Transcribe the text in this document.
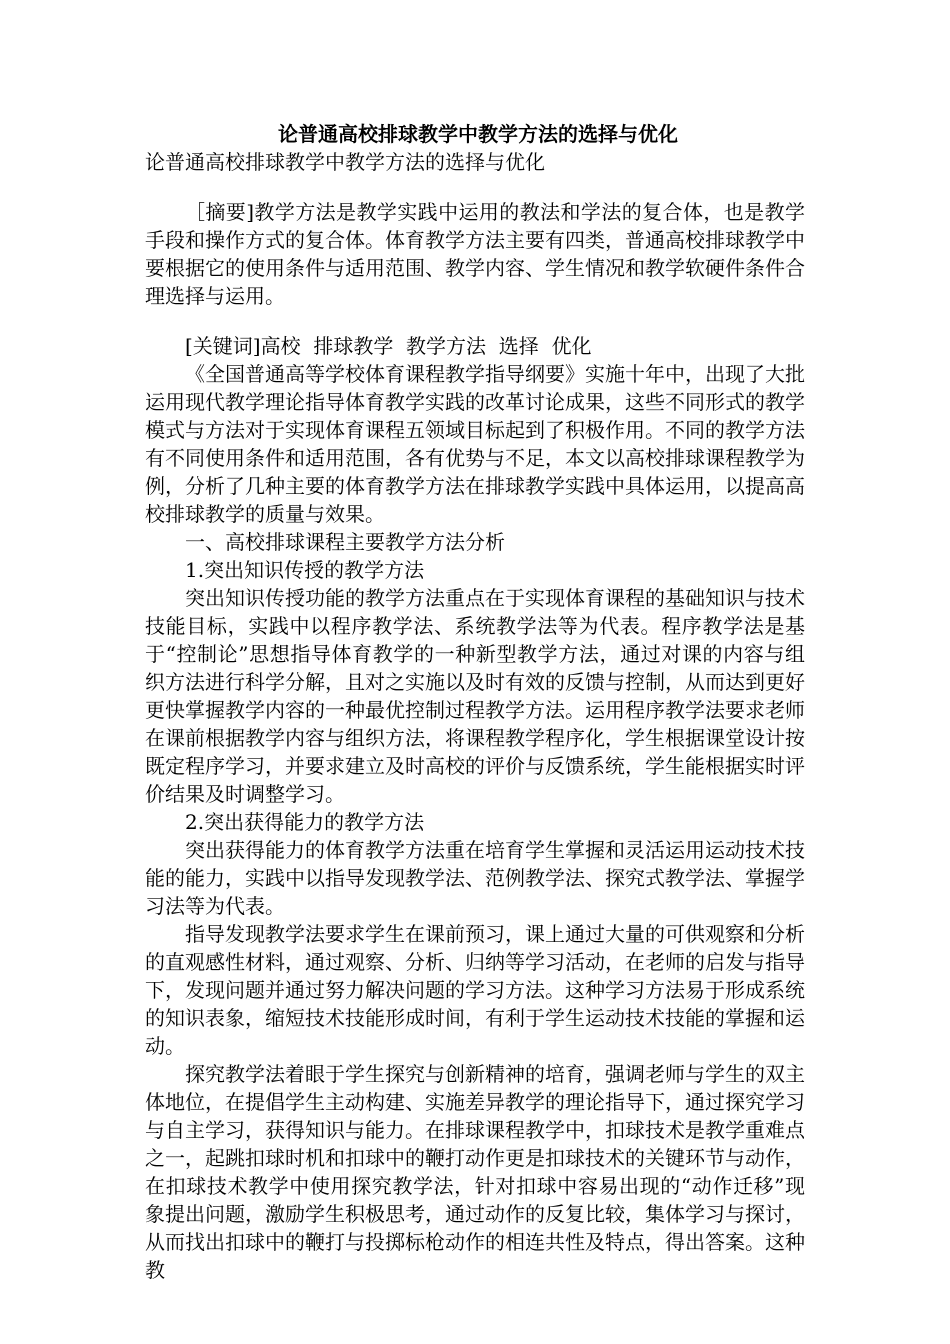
论普通高校排球教学中教学方法的选择与优化
论普通高校排球教学中教学方法的选择与优化

［摘要]教学方法是教学实践中运用的教法和学法的复合体，也是教学手段和操作方式的复合体。体育教学方法主要有四类，普通高校排球教学中要根据它的使用条件与适用范围、教学内容、学生情况和教学软硬件条件合理选择与运用。

[关键词]高校  排球教学  教学方法  选择  优化

《全国普通高等学校体育课程教学指导纲要》实施十年中，出现了大批运用现代教学理论指导体育教学实践的改革讨论成果，这些不同形式的教学模式与方法对于实现体育课程五领域目标起到了积极作用。不同的教学方法有不同使用条件和适用范围，各有优势与不足，本文以高校排球课程教学为例，分析了几种主要的体育教学方法在排球教学实践中具体运用，以提高高校排球教学的质量与效果。

一、高校排球课程主要教学方法分析

1.突出知识传授的教学方法

突出知识传授功能的教学方法重点在于实现体育课程的基础知识与技术技能目标，实践中以程序教学法、系统教学法等为代表。程序教学法是基于“控制论”思想指导体育教学的一种新型教学方法，通过对课的内容与组织方法进行科学分解，且对之实施以及时有效的反馈与控制，从而达到更好更快掌握教学内容的一种最优控制过程教学方法。运用程序教学法要求老师在课前根据教学内容与组织方法，将课程教学程序化，学生根据课堂设计按既定程序学习，并要求建立及时高校的评价与反馈系统，学生能根据实时评价结果及时调整学习。

2.突出获得能力的教学方法

突出获得能力的体育教学方法重在培育学生掌握和灵活运用运动技术技能的能力，实践中以指导发现教学法、范例教学法、探究式教学法、掌握学习法等为代表。

指导发现教学法要求学生在课前预习，课上通过大量的可供观察和分析的直观感性材料，通过观察、分析、归纳等学习活动，在老师的启发与指导下，发现问题并通过努力解决问题的学习方法。这种学习方法易于形成系统的知识表象，缩短技术技能形成时间，有利于学生运动技术技能的掌握和运动。

探究教学法着眼于学生探究与创新精神的培育，强调老师与学生的双主体地位，在提倡学生主动构建、实施差异教学的理论指导下，通过探究学习与自主学习，获得知识与能力。在排球课程教学中，扣球技术是教学重难点之一，起跳扣球时机和扣球中的鞭打动作更是扣球技术的关键环节与动作，在扣球技术教学中使用探究教学法，针对扣球中容易出现的“动作迁移”现象提出问题，激励学生积极思考，通过动作的反复比较，集体学习与探讨，从而找出扣球中的鞭打与投掷标枪动作的相连共性及特点，得出答案。这种教
